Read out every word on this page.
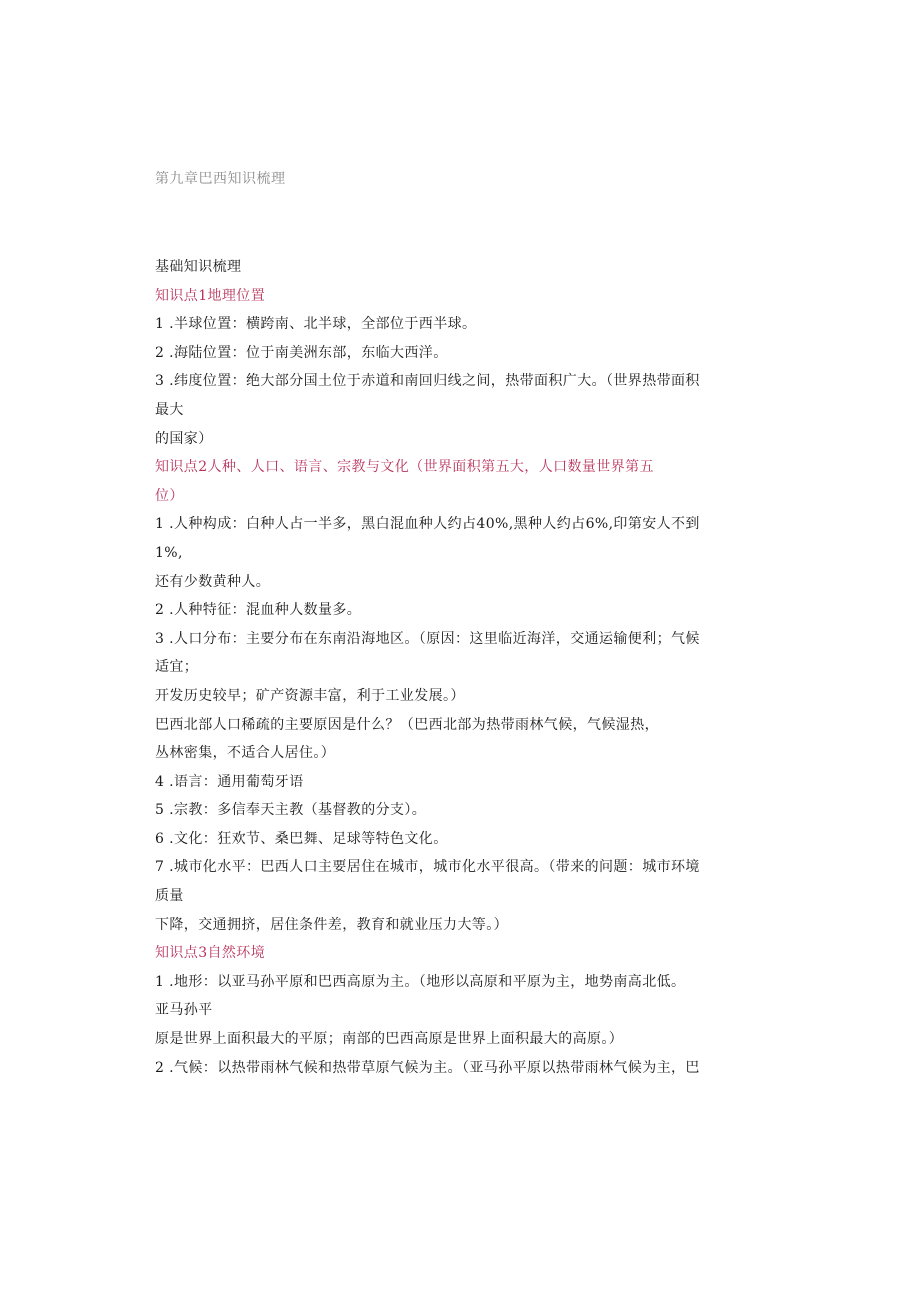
第九章巴西知识梳理
基础知识梳理
知识点1地理位置
1 .半球位置：横跨南、北半球，全部位于西半球。
2 .海陆位置：位于南美洲东部，东临大西洋。
3 .纬度位置：绝大部分国土位于赤道和南回归线之间，热带面积广大。（世界热带面积
最大
的国家）
知识点2人种、人口、语言、宗教与文化（世界面积第五大，人口数量世界第五
位）
1 .人种构成：白种人占一半多，黑白混血种人约占40%,黑种人约占6%,印第安人不到
1%,
还有少数黄种人。
2 .人种特征：混血种人数量多。
3 .人口分布：主要分布在东南沿海地区。（原因：这里临近海洋，交通运输便利；气候
适宜；
开发历史较早；矿产资源丰富，利于工业发展。）
巴西北部人口稀疏的主要原因是什么？（巴西北部为热带雨林气候，气候湿热，
丛林密集，不适合人居住。）
4 .语言：通用葡萄牙语
5 .宗教：多信奉天主教（基督教的分支）。
6 .文化：狂欢节、桑巴舞、足球等特色文化。
7 .城市化水平：巴西人口主要居住在城市，城市化水平很高。（带来的问题：城市环境
质量
下降，交通拥挤，居住条件差，教育和就业压力大等。）
知识点3自然环境
1 .地形：以亚马孙平原和巴西高原为主。（地形以高原和平原为主，地势南高北低。
亚马孙平
原是世界上面积最大的平原；南部的巴西高原是世界上面积最大的高原。）
2 .气候：以热带雨林气候和热带草原气候为主。（亚马孙平原以热带雨林气候为主，巴
